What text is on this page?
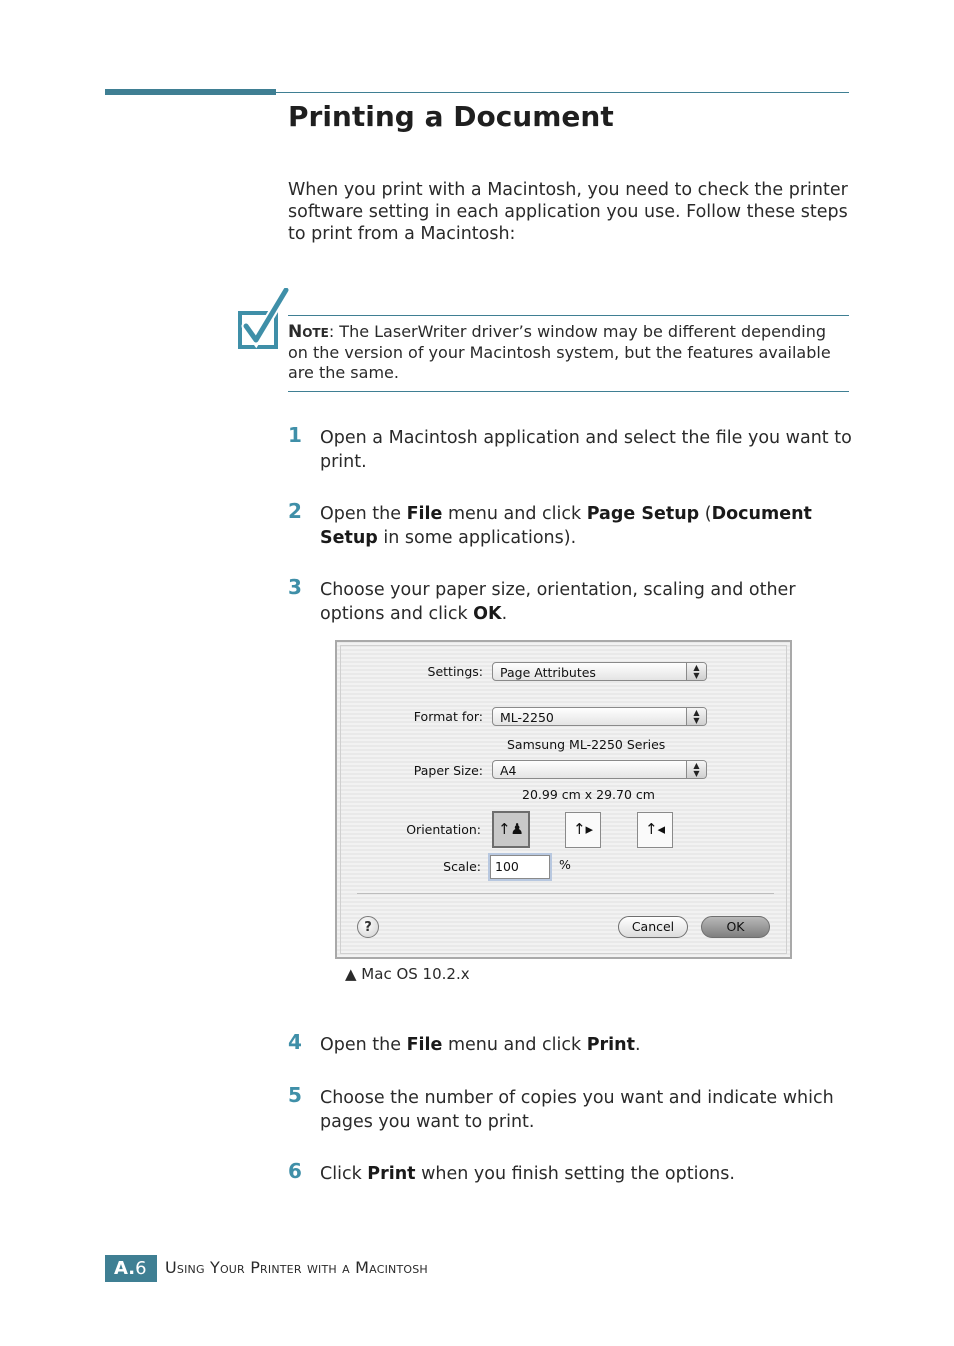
Printing a Document
When you print with a Macintosh, you need to check the printer software setting in each application you use. Follow these steps to print from a Macintosh:
Note: The LaserWriter driver’s window may be different depending on the version of your Macintosh system, but the features available are the same.
1	Open a Macintosh application and select the file you want to print.
2	Open the File menu and click Page Setup (Document Setup in some applications).
3	Choose your paper size, orientation, scaling and other options and click OK.
Settings:	Page Attributes	▲
▼
Format for:	ML-2250	▲
▼
Samsung ML-2250 Series
Paper Size:	A4	▲
▼
20.99 cm x 29.70 cm
Orientation:	↑♟	↑▸	↑◂
Scale:	100	%
?	Cancel	OK
▲ Mac OS 10.2.x
4	Open the File menu and click Print.
5	Choose the number of copies you want and indicate which pages you want to print.
6	Click Print when you finish setting the options.
A.6	Using Your Printer with a Macintosh
